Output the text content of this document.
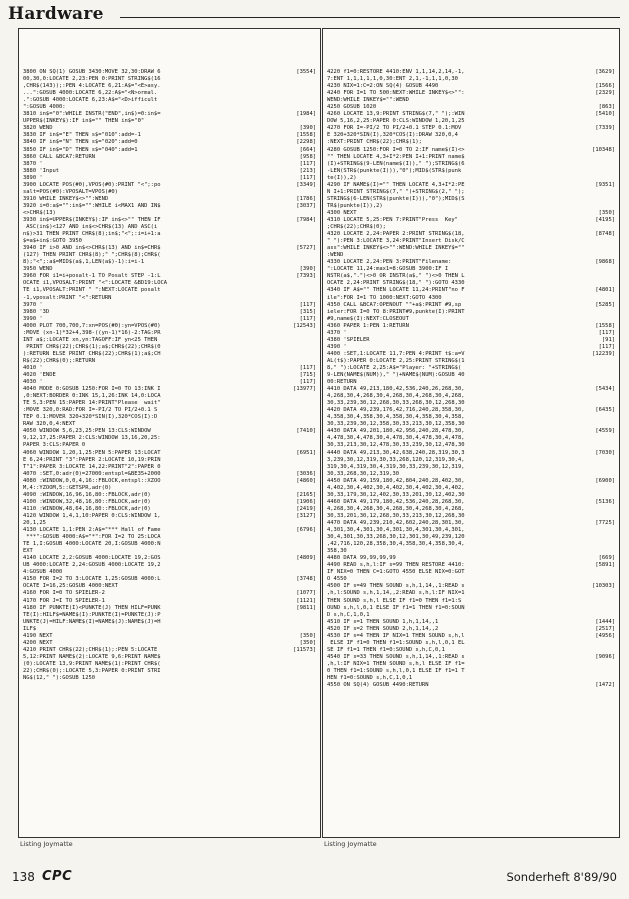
Hardware
3800 ON SQ(1) GOSUB 3430:MOVE 32,30:DRAW 6	[3554]
00,30,0:LOCATE 2,23:PEN 0:PRINT STRING$(16
,CHR$(143));:PEN 4:LOCATE 6,21:A$="<E>asy.
...":GOSUB 4000:LOCATE 6,22:A$="<N>ormal.
.":GOSUB 4000:LOCATE 6,23:A$="<D>ifficult
":GOSUB 4000:
3810 in$="0":WHILE INSTR("END",in$)=0:in$=	[1984]
UPPER$(INKEY$):IF in$="" THEN in$="0"
3820 WEND	[390]
3830 IF in$="E" THEN s$="010":add=-1	[1558]
3840 IF in$="N" THEN s$="020":add=0	[2298]
3850 IF in$="D" THEN s$="040":add=1	[664]
3860 CALL &BCA7:RETURN	[958]
3870 '	[117]
3880 'Input	[213]
3890 '	[117]
3900 LOCATE POS(#0),VPOS(#0):PRINT "<";:po	[3349]
salt=POS(#0):VPOSALT=VPOS(#0)
3910 WHILE INKEY$<>"":WEND	[1786]
3920 i=0:a$="":in$="":WHILE i<MAX1 AND IN$	[3037]
<>CHR$(13)
3930 in$=UPPER$(INKEY$):IF in$<>"" THEN IF	[7984]
ASC(in$)<127 AND in$<>CHR$(13) AND ASC(i
n$)>31 THEN PRINT CHR$(8);in$;"<";:i=i+1:a
$=a$+in$:GOTO 3950
3940 IF i>0 AND in$<>CHR$(13) AND in$=CHR$	[5727]
(127) THEN PRINT CHR$(8);" ";CHR$(8);CHR$(
8);"<";:a$=MID$(a$,1,LEN(a$)-1):i=i-1
3950 WEND	[390]
3960 FOR i1=i+posalt-1 TO Posalt STEP -1:L	[7393]
OCATE i1,VPOSALT:PRINT "<":LOCATE &BD19:LOCA
TE i1,VPOSALT:PRINT " ":NEXT:LOCATE posalt
-1,vposalt:PRINT "<":RETURN
3970 '	[117]
3980 '3D	[315]
3990 '	[117]
4000 PLOT 700,700,7:xn=POS(#0):yn=VPOS(#0)	[12543]
:MOVE (xn-1)*32+4,398-((yn-1)*16)-2:TAG:PR
INT a$;:LOCATE xn,yn:TAGOFF:IF yn<25 THEN
PRINT CHR$(22);CHR$(1);a$;CHR$(22);CHR$(0
):RETURN ELSE PRINT CHR$(22);CHR$(1);a$;CH
R$(22);CHR$(0);:RETURN
4010 '	[117]
4020 'ENDE	[715]
4030 '	[117]
4040 MODE 0:GOSUB 1250:FOR I=0 TO 13:INK I	[13977]
,0:NEXT:BORDER 0:INK 15,1,26:INK 14,0:LOCA
TE 5,3:PEN 15:PAPER 14:PRINT"Please  wait"
:MOVE 320,0:RAD:FOR I=-PI/2 TO PI/2+0.1 S
TEP 0.1:MOVER 320+320*SIN(I),320*COS(I):D
RAW 320,0,4:NEXT
4050 WINDOW 5,6,23,25:PEN 13:CLS:WINDOW	[7410]
9,12,17,25:PAPER 2:CLS:WINDOW 13,16,20,25:
PAPER 3:CLS:PAPER 0
4060 WINDOW 1,20,1,25:PEN 5:PAPER 13:LOCAT	[6951]
E 6,24:PRINT "3":PAPER 2:LOCATE 10,19:PRIN
T"1":PAPER 3:LOCATE 14,22:PRINT"2":PAPER 0
4070 :SET,0:adr(0)=27000:entspl=&BE35+2000	[3036]
4080 :WINDOW,0,0,4,16::FBLOCK,entspl::XZOO	[4860]
M,4::YZOOM,5::GETSPR,adr(0)
4090 :WINDOW,16,96,16,80::FBLOCK,adr(0)	[2165]
4100 :WINDOW,32,48,16,80::FBLOCK,adr(0)	[1906]
4110 :WINDOW,48,64,16,80::FBLOCK,adr(0)	[2419]
4120 WINDOW 1,4,1,10:PAPER 0:CLS:WINDOW 1,	[3127]
20,1,25
4130 LOCATE 1,1:PEN 2:A$="*** Hall of Fame	[6796]
***":GOSUB 4000:A$="*":FOR I=2 TO 25:LOCA
TE 1,I:GOSUB 4000:LOCATE 20,I:GOSUB 4000:N
EXT
4140 LOCATE 2,2:GOSUB 4000:LOCATE 19,2:GOS	[4809]
UB 4000:LOCATE 2,24:GOSUB 4000:LOCATE 19,2
4:GOSUB 4000
4150 FOR I=2 TO 3:LOCATE 1,25:GOSUB 4000:L	[3748]
OCATE I=16,25:GOSUB 4000:NEXT
4160 FOR I=0 TO SPIELER-2	[1077]
4170 FOR J=I TO SPIELER-1	[1121]
4180 IF PUNKTE(I)<PUNKTE(J) THEN HILF=PUNK	[9811]
TE(I):HILF$=NAME$(I):PUNKTE(I)=PUNKTE(J):P
UNKTE(J)=HILF:NAME$(I)=NAME$(J):NAME$(J)=H
ILF$
4190 NEXT	[350]
4200 NEXT	[350]
4210 PRINT CHR$(22);CHR$(1);:PEN 5:LOCATE	[11573]
5,12:PRINT NAME$(2):LOCATE 9,6:PRINT NAME$
(0):LOCATE 13,9:PRINT NAME$(1):PRINT CHR$(
22);CHR$(0);:LOCATE 5,3:PAPER 0:PRINT STRI
NG$(12," "):GOSUB 1250
4220 f1=0:RESTORE 4410:ENV 1,1,14,2,14,-1,	[3629]
7:ENT 1,1,1,1,1,0,30:ENT 2,1,-1,1,1,0,30
4230 NIX=1:C=2:ON SQ(4) GOSUB 4490	[1566]
4240 FOR I=1 TO 500:NEXT:WHILE INKEY$<>"":	[2329]
WEND:WHILE INKEY$="":WEND
4250 GOSUB 1020	[863]
4260 LOCATE 13,9:PRINT STRING$(7," ");:WIN	[5410]
DOW 5,16,2,25:PAPER 0:CLS:WINDOW 1,20,1,25
4270 FOR I=-PI/2 TO PI/2+0.1 STEP 0.1:MOV	[7339]
E 320+320*SIN(I),320*COS(I):DRAW 320,0,4
:NEXT:PRINT CHR$(22);CHR$(1);
4280 GOSUB 1250:FOR I=0 TO 2:IF name$(I)<>	[10348]
"" THEN LOCATE 4,3+I*2:PEN I+1:PRINT name$
(I)+STRING$(9-LEN(name$(I))," ");STRING$(6
-LEN(STR$(punkte(I))),"0");MID$(STR$(punk
te(I)),2)
4290 IF NAME$(I)="" THEN LOCATE 4,3+I*2:PE	[9351]
N I+1:PRINT STRING$(7," ")+STRING$(2," ");
STRING$(6-LEN(STR$(punkte(I))),"0");MID$(S
TR$(punkte(I)),2)
4300 NEXT	[350]
4310 LOCATE 5,25:PEN 7:PRINT"Press  Key"	[4195]
;CHR$(22);CHR$(0);
4320 LOCATE 2,24:PAPER 2:PRINT STRING$(18,	[8748]
" "):PEN 3:LOCATE 3,24:PRINT"Insert Disk/C
ass":WHILE INKEY$<>"":WEND:WHILE INKEY$=""
:WEND
4330 LOCATE 2,24:PEN 3:PRINT"Filename:	[9868]
":LOCATE 11,24:max1=8:GOSUB 3900:IF I
NSTR(a$,".")<>0 OR INSTR(a$," ")<>0 THEN L
OCATE 2,24:PRINT STRING$(18," "):GOTO 4330
4340 IF A$="" THEN LOCATE 11,24:PRINT"no F	[4801]
ile":FOR I=1 TO 1000:NEXT:GOTO 4300
4350 CALL &BCA7:OPENOUT ""+a$:PRINT #9,sp	[5285]
ieler:FOR I=0 TO 8:PRINT#9,punkte(I):PRINT
#9,name$(I):NEXT:CLOSEOUT
4360 PAPER 1:PEN 1:RETURN	[1558]
4370 '	[117]
4380 'SPIELER	[91]
4390 '	[117]
4400 :SET,1:LOCATE 11,7:PEN 4:PRINT t$:a=V	[12239]
AL(t$):PAPER 0:LOCATE 2,25:PRINT STRING$(1
8," "):LOCATE 2,25:A$="Player: "+STRING$(
9-LEN(NAME$(NUM))," ")+NAME$(NUM):GOSUB 40
00:RETURN
4410 DATA 49,213,180,42,536,240,26,268,30,	[5434]
4,268,30,4,268,30,4,268,30,4,268,30,4,268,
30,33,239,30,12,268,30,33,268,30,12,268,30
4420 DATA 49,239,176,42,716,240,28,358,30,	[6435]
4,358,30,4,358,30,4,358,30,4,358,30,4,358,
30,33,239,30,12,358,30,33,213,30,12,358,30
4430 DATA 49,201,180,42,956,240,28,478,30,	[4559]
4,478,30,4,478,30,4,478,30,4,478,30,4,478,
30,33,213,30,12,478,30,33,239,30,12,478,30
4440 DATA 49,213,30,42,638,240,28,319,30,3	[7030]
3,239,30,12,319,30,33,268,120,12,319,30,4,
319,30,4,319,30,4,319,30,33,239,30,12,319,
30,33,268,30,12,319,30
4450 DATA 49,159,180,42,804,240,28,402,30,	[6900]
4,402,30,4,402,30,4,402,30,4,402,30,4,402,
30,33,179,30,12,402,30,33,201,30,12,402,30
4460 DATA 49,179,180,42,536,240,28,268,30,	[5136]
4,268,30,4,268,30,4,268,30,4,268,30,4,268,
30,33,201,30,12,268,30,33,213,30,12,268,30
4470 DATA 49,239,210,42,602,240,28,301,30,	[7725]
4,301,30,4,301,30,4,301,30,4,301,30,4,301,
30,4,301,30,33,268,30,12,301,30,49,239,120
,42,716,120,28,358,30,4,358,30,4,358,30,4,
358,30
4480 DATA 99,99,99,99	[669]
4490 READ s,h,l:IF s=99 THEN RESTORE 4410:	[5891]
IF NIX=0 THEN C=1:GOTO 4550 ELSE NIX=0:GOT
O 4550
4500 IF s=49 THEN SOUND s,h,1,14,,1:READ s	[10303]
,h,l:SOUND s,h,1,14,,2:READ s,h,l:IF NIX=1
THEN SOUND s,h,l ELSE IF f1=0 THEN f1=1:S
OUND s,h,l,0,1 ELSE IF f1=1 THEN f1=0:SOUN
D s,h,C,1,0,1
4510 IF s=1 THEN SOUND 1,h,1,14,,1	[1444]
4520 IF s=2 THEN SOUND 2,h,1,14,,2	[2517]
4530 IF s=4 THEN IF NIX=1 THEN SOUND s,h,l	[4956]
ELSE IF f1=0 THEN f1=1:SOUND s,h,l,0,1 EL
SE IF f1=1 THEN f1=0:SOUND s,h,C,0,1
4540 IF s=33 THEN SOUND s,h,1,14,,1:READ s	[9096]
,h,l:IF NIX=1 THEN SOUND s,h,l ELSE IF f1=
0 THEN f1=1:SOUND s,h,l,0,1 ELSE IF f1=1 T
HEN f1=0:SOUND s,h,C,1,0,1
4550 ON SQ(4) GOSUB 4490:RETURN	[1472]
Listing Joymatte	Listing Joymatte
138 CPC	Sonderheft 8'89/90
